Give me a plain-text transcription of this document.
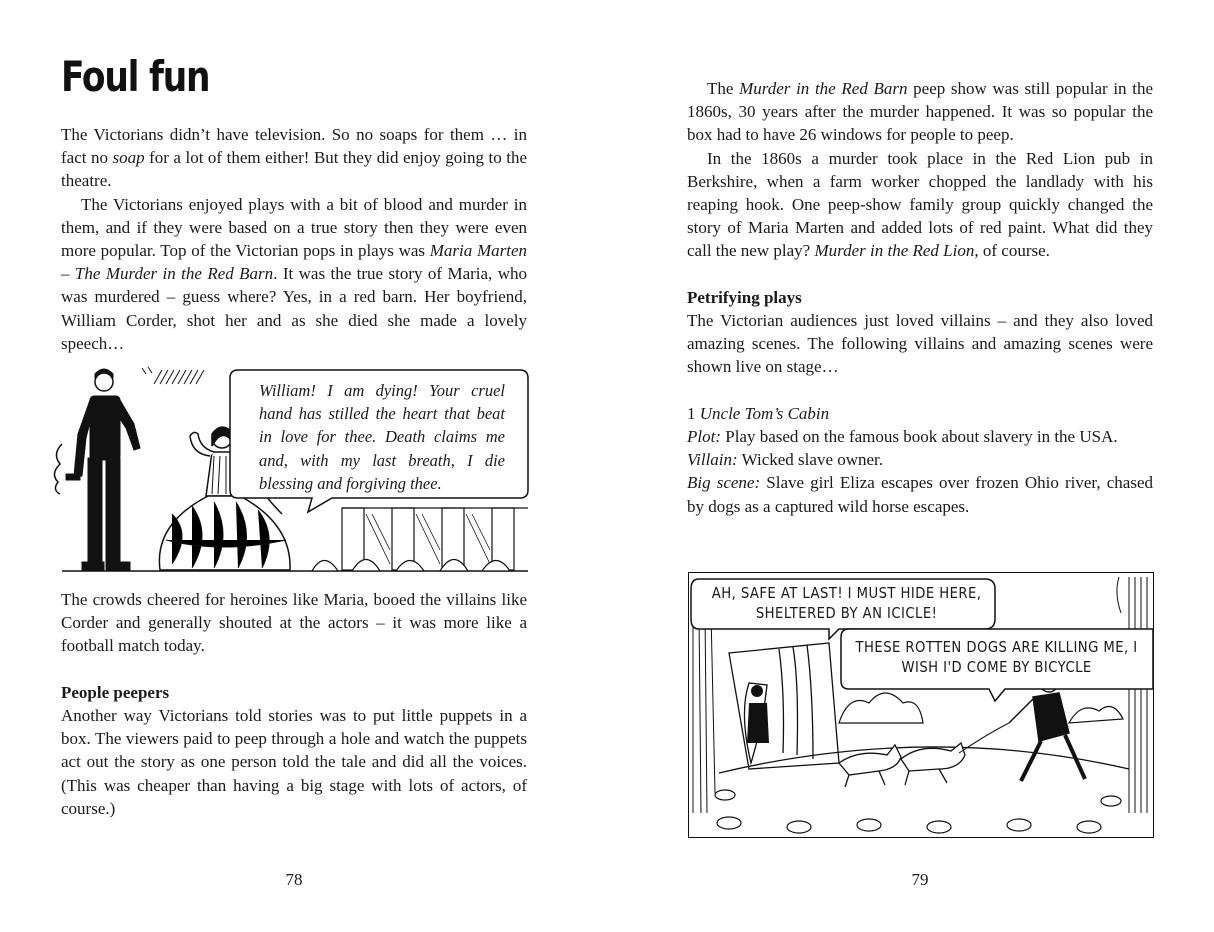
Foul fun

The Victorians didn’t have television. So no soaps for them … in fact no soap for a lot of them either! But they did enjoy going to the theatre.

The Victorians enjoyed plays with a bit of blood and murder in them, and if they were based on a true story then they were even more popular. Top of the Victorian pops in plays was Maria Marten – The Murder in the Red Barn. It was the true story of Maria, who was murdered – guess where? Yes, in a red barn. Her boyfriend, William Corder, shot her and as she died she made a lovely speech…

William! I am dying! Your cruel hand has stilled the heart that beat in love for thee. Death claims me and, with my last breath, I die blessing and forgiving thee.

The crowds cheered for heroines like Maria, booed the villains like Corder and generally shouted at the actors – it was more like a football match today.

People peepers

Another way Victorians told stories was to put little puppets in a box. The viewers paid to peep through a hole and watch the puppets act out the story as one person told the tale and did all the voices. (This was cheaper than having a big stage with lots of actors, of course.)

78

The Murder in the Red Barn peep show was still popular in the 1860s, 30 years after the murder happened. It was so popular the box had to have 26 windows for people to peep.

In the 1860s a murder took place in the Red Lion pub in Berkshire, when a farm worker chopped the landlady with his reaping hook. One peep-show family group quickly changed the story of Maria Marten and added lots of red paint. What did they call the new play? Murder in the Red Lion, of course.

Petrifying plays

The Victorian audiences just loved villains – and they also loved amazing scenes. The following villains and amazing scenes were shown live on stage…

1 Uncle Tom’s Cabin

Plot: Play based on the famous book about slavery in the USA.

Villain: Wicked slave owner.

Big scene: Slave girl Eliza escapes over frozen Ohio river, chased by dogs as a captured wild horse escapes.

AH, SAFE AT LAST! I MUST HIDE HERE, SHELTERED BY AN ICICLE!
THESE ROTTEN DOGS ARE KILLING ME, I WISH I'D COME BY BICYCLE
79
